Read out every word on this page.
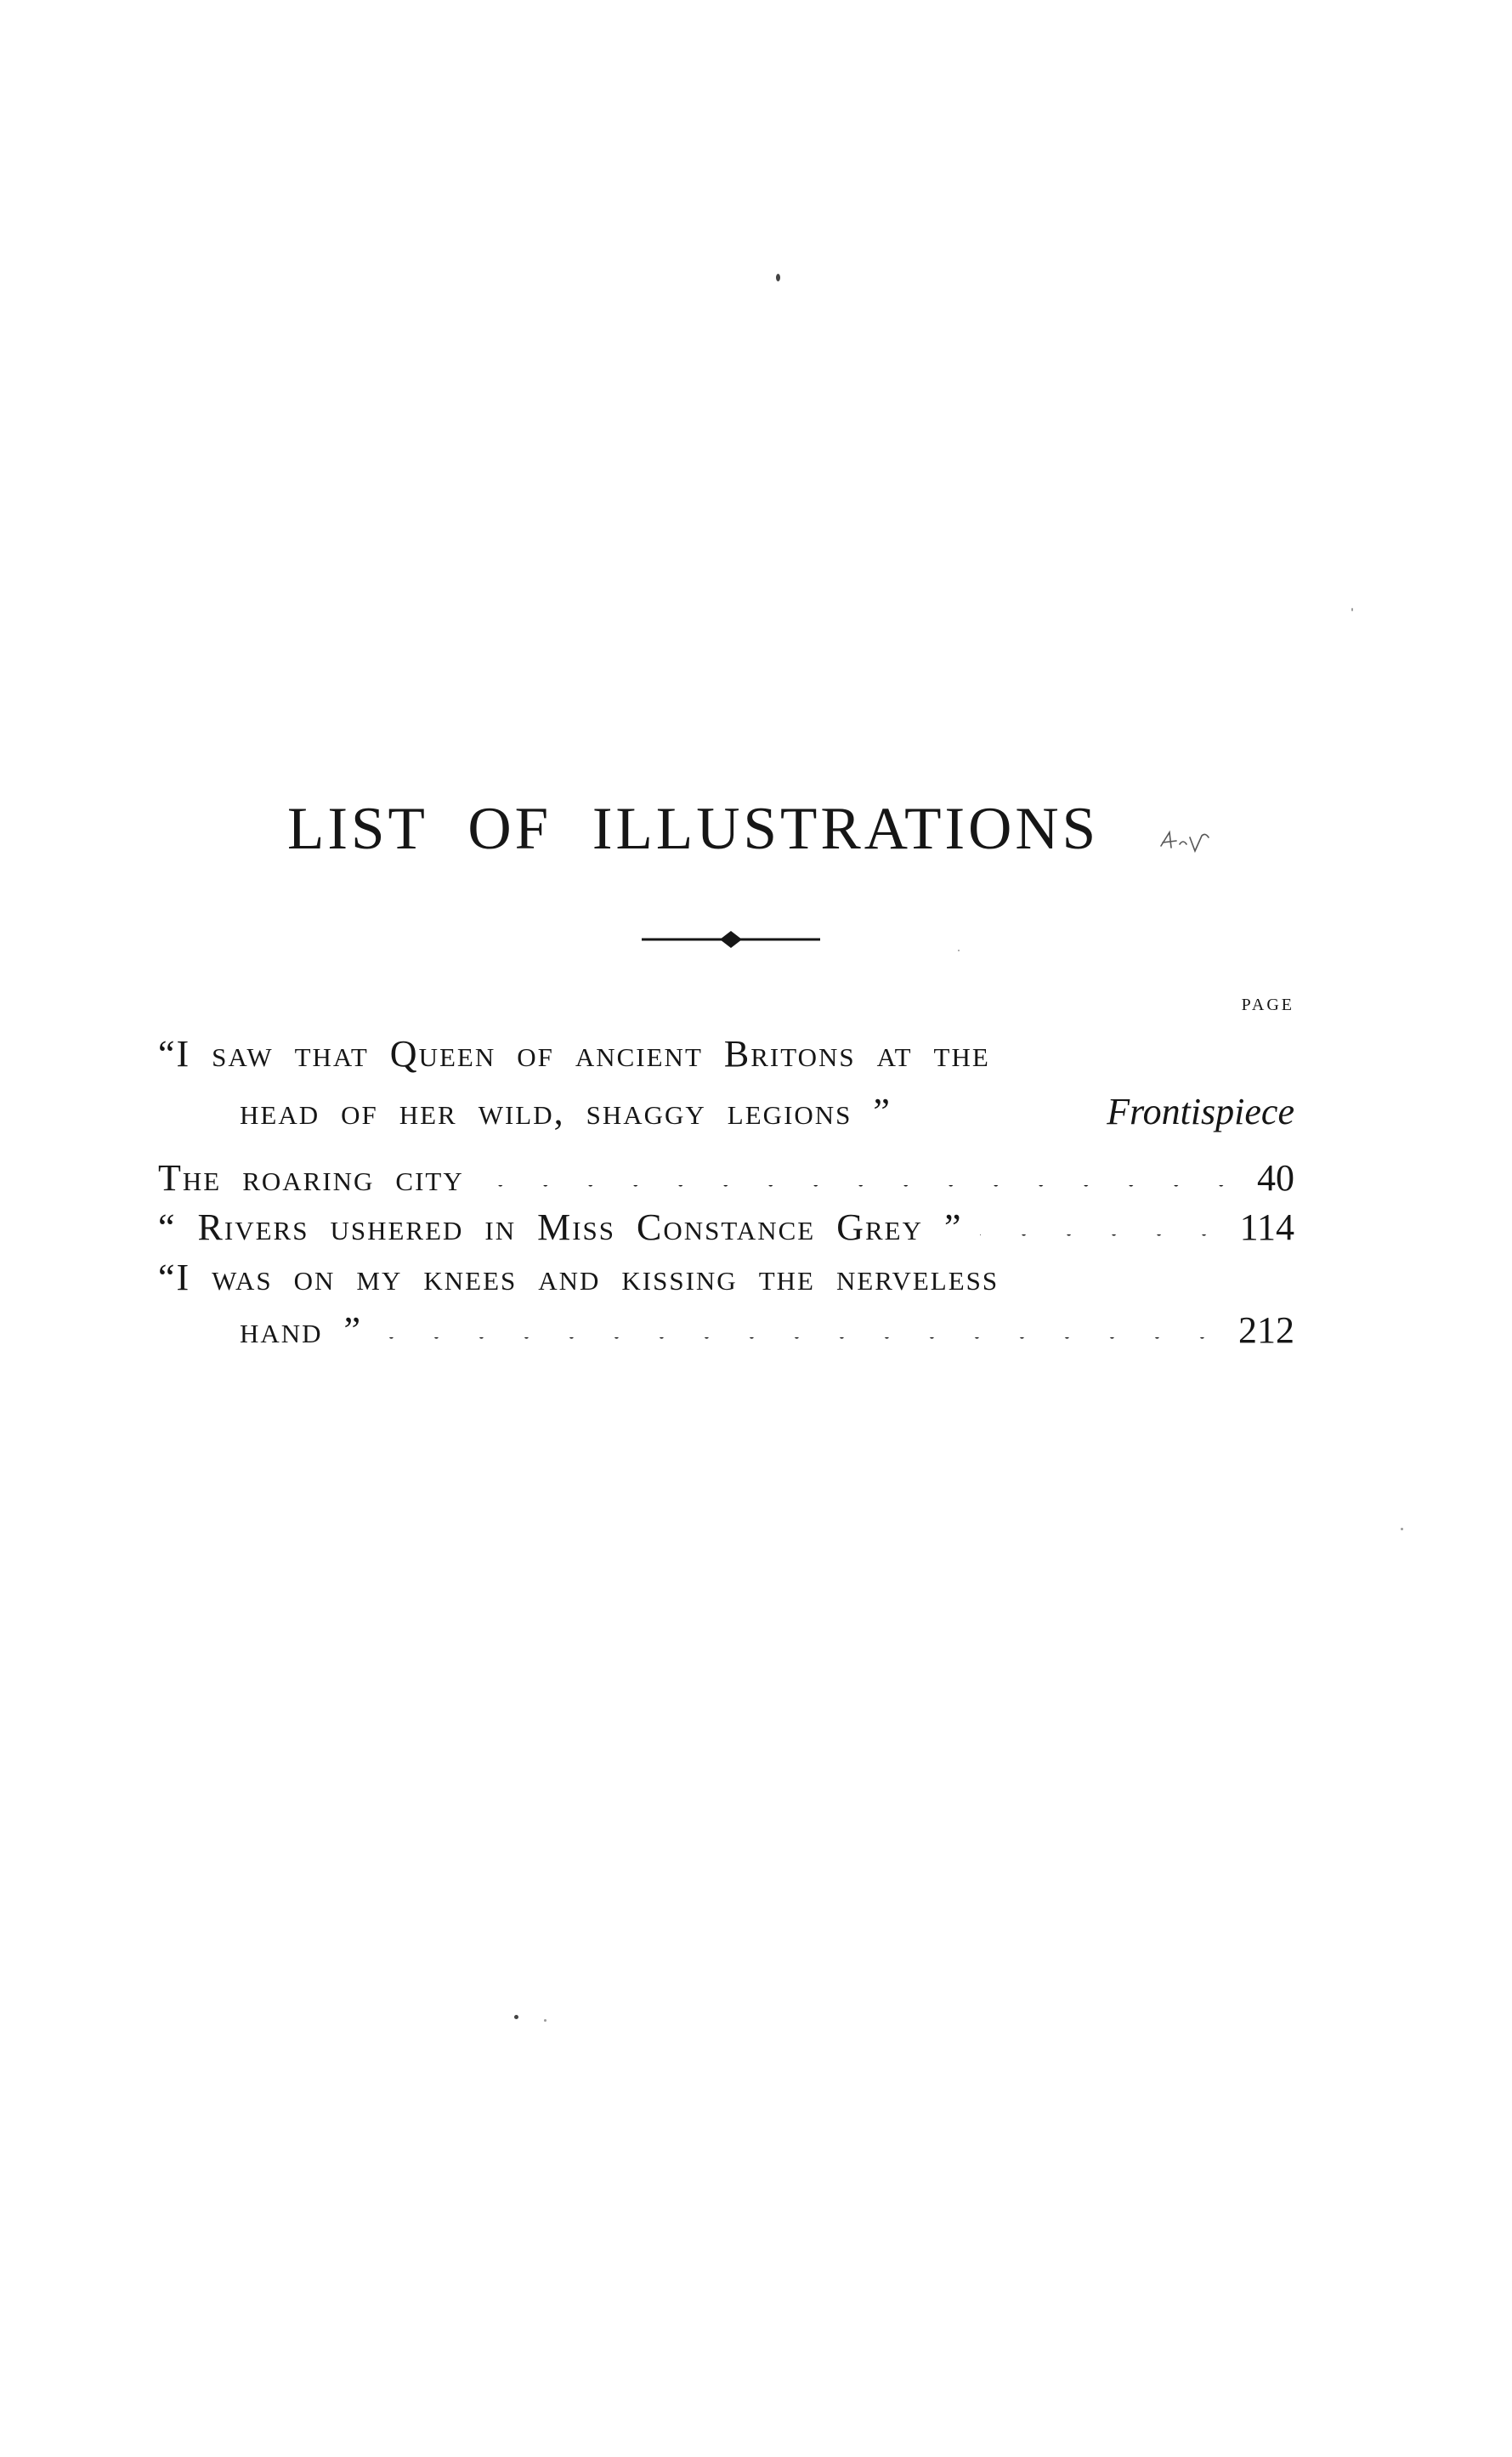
LIST OF ILLUSTRATIONS
page
“I saw that Queen of ancient Britons at the
head of her wild, shaggy legions ”	Frontispiece
The roaring city	40
“ Rivers ushered in Miss Constance Grey ”	114
“I was on my knees and kissing the nerveless
hand ”	212
